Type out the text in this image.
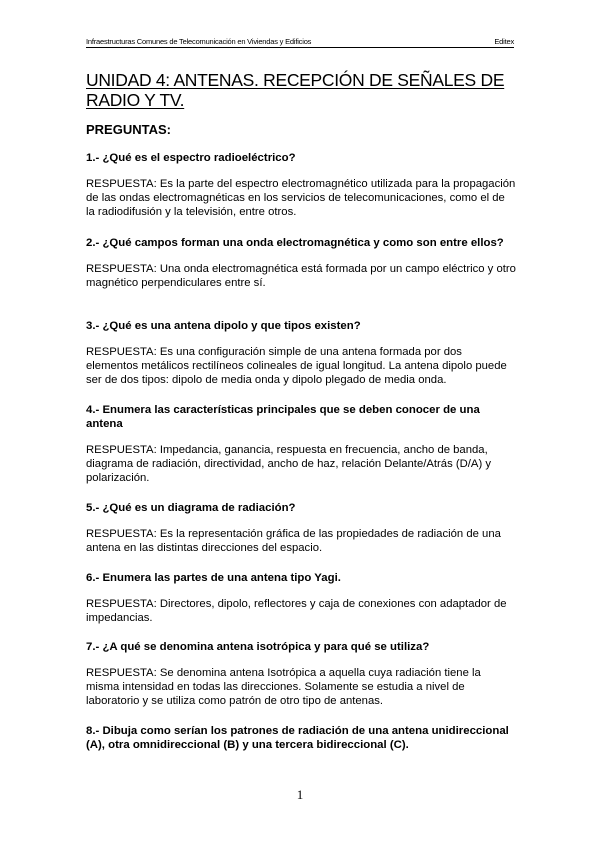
Infraestructuras Comunes de Telecomunicación en Viviendas y Edificios	Editex
UNIDAD 4: ANTENAS. RECEPCIÓN DE SEÑALES DE RADIO Y TV.

PREGUNTAS:

1.- ¿Qué es el espectro radioeléctrico?

RESPUESTA: Es la parte del espectro electromagnético utilizada para la propagación de las ondas electromagnéticas en los servicios de telecomunicaciones, como el de la radiodifusión y la televisión, entre otros.

2.- ¿Qué campos forman una onda electromagnética y como son entre ellos?

RESPUESTA: Una onda electromagnética está formada por un campo eléctrico y otro magnético perpendiculares entre sí.

3.- ¿Qué es una antena dipolo y que tipos existen?

RESPUESTA: Es una configuración simple de una antena formada por dos elementos metálicos rectilíneos colineales de igual longitud. La antena dipolo puede ser de dos tipos: dipolo de media onda y dipolo plegado de media onda.

4.- Enumera las características principales que se deben conocer de una antena

RESPUESTA: Impedancia, ganancia, respuesta en frecuencia, ancho de banda, diagrama de radiación, directividad, ancho de haz, relación Delante/Atrás (D/A) y polarización.

5.- ¿Qué es un diagrama de radiación?

RESPUESTA: Es la representación gráfica de las propiedades de radiación de una antena en las distintas direcciones del espacio.

6.- Enumera las partes de una antena tipo Yagi.

RESPUESTA: Directores, dipolo, reflectores y caja de conexiones con adaptador de impedancias.

7.- ¿A qué se denomina antena isotrópica y para qué se utiliza?

RESPUESTA: Se denomina antena Isotrópica a aquella cuya radiación tiene la misma intensidad en todas las direcciones. Solamente se estudia a nivel de laboratorio y se utiliza como patrón de otro tipo de antenas.

8.- Dibuja como serían los patrones de radiación de una antena unidireccional (A), otra omnidireccional (B) y una tercera bidireccional (C).

1
